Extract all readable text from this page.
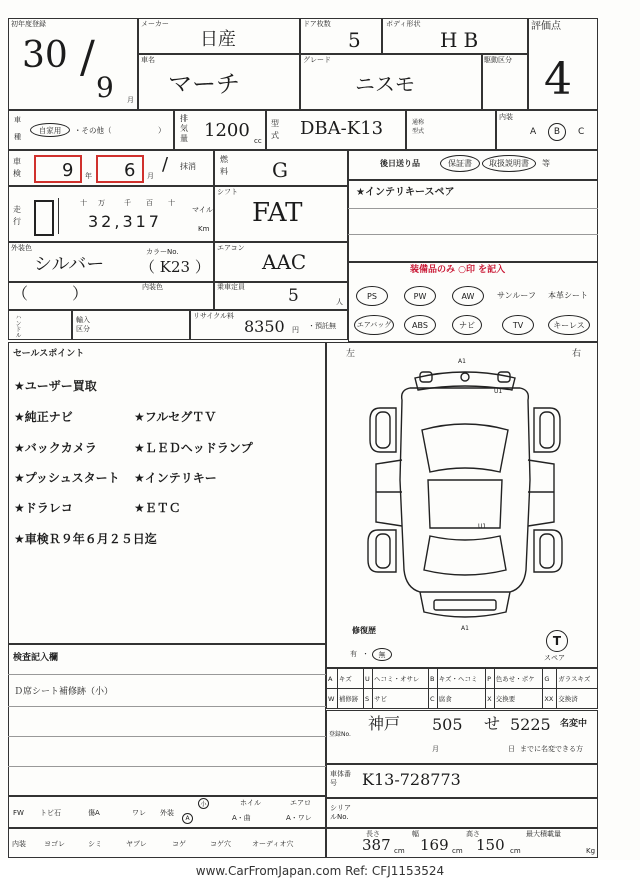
初年度登録
30 /
9 月
メーカー
日産
ドア枚数
5
ボディ形状
HB
評価点
4
車名
マーチ
グレード
ニスモ
駆動区分
車
種
自家用	・その他（	）
排気量 1200 cc
型式 DBA-K13	通称型式
内装
A	B	C
車検 9 年 6 月
/ 抹消
燃料 G	後日送り品	保証書	取扱説明書	等
走行
十 万	千 百 十
32,317
マイル
Km
シフト
FAT
★インテリキースペア
外装色
シルバー
カラーNo.
（ K23 ）
エアコン
AAC	装備品のみ ○印 を記入
PS	PW	AW	サンルーフ 本革シート
エアバッグ	ABS	ナビ	TV	キーレス
内装色
（	）	乗車定員	5	人
ハンドル	輸入区分
リサイクル料
8350 円 ・預託無
セールスポイント
★ユーザー買取
★純正ナビ	★フルセグＴＶ
★バックカメラ	★ＬＥＤヘッドランプ
★プッシュスタート ★インテリキー
★ドラレコ	★ＥＴＣ
★車検Ｒ９年６月２５日迄
左	右
A1
U1
U1
A1
修復歴
有 ・	無
T
スペア
検査記入欄
Ｄ席シート補修跡（小）
A	キズ	U	ヘコミ・オサレ	B	キズ・ヘコミ	P	色あせ・ボケ	G	ガラスキズ
W	補修跡	S	サビ	C	腐食	X	交換要	XX	交換済
登録No.
神戸 505 せ 5225 名変中
月	日 までに名変できる方
車体番号	K13-728773
FW トビ石	傷A	ワレ 外装
小
A
ホイル
A・曲
エアロ
A・ワレ
内装	ヨゴレ	シミ	ヤブレ	コゲ	コゲ穴	オーディオ穴
シリアルNo.
長さ
387 cm
幅
169 cm
高さ
150 cm
最大積載量
Kg
www.CarFromJapan.com Ref: CFJ1153524
